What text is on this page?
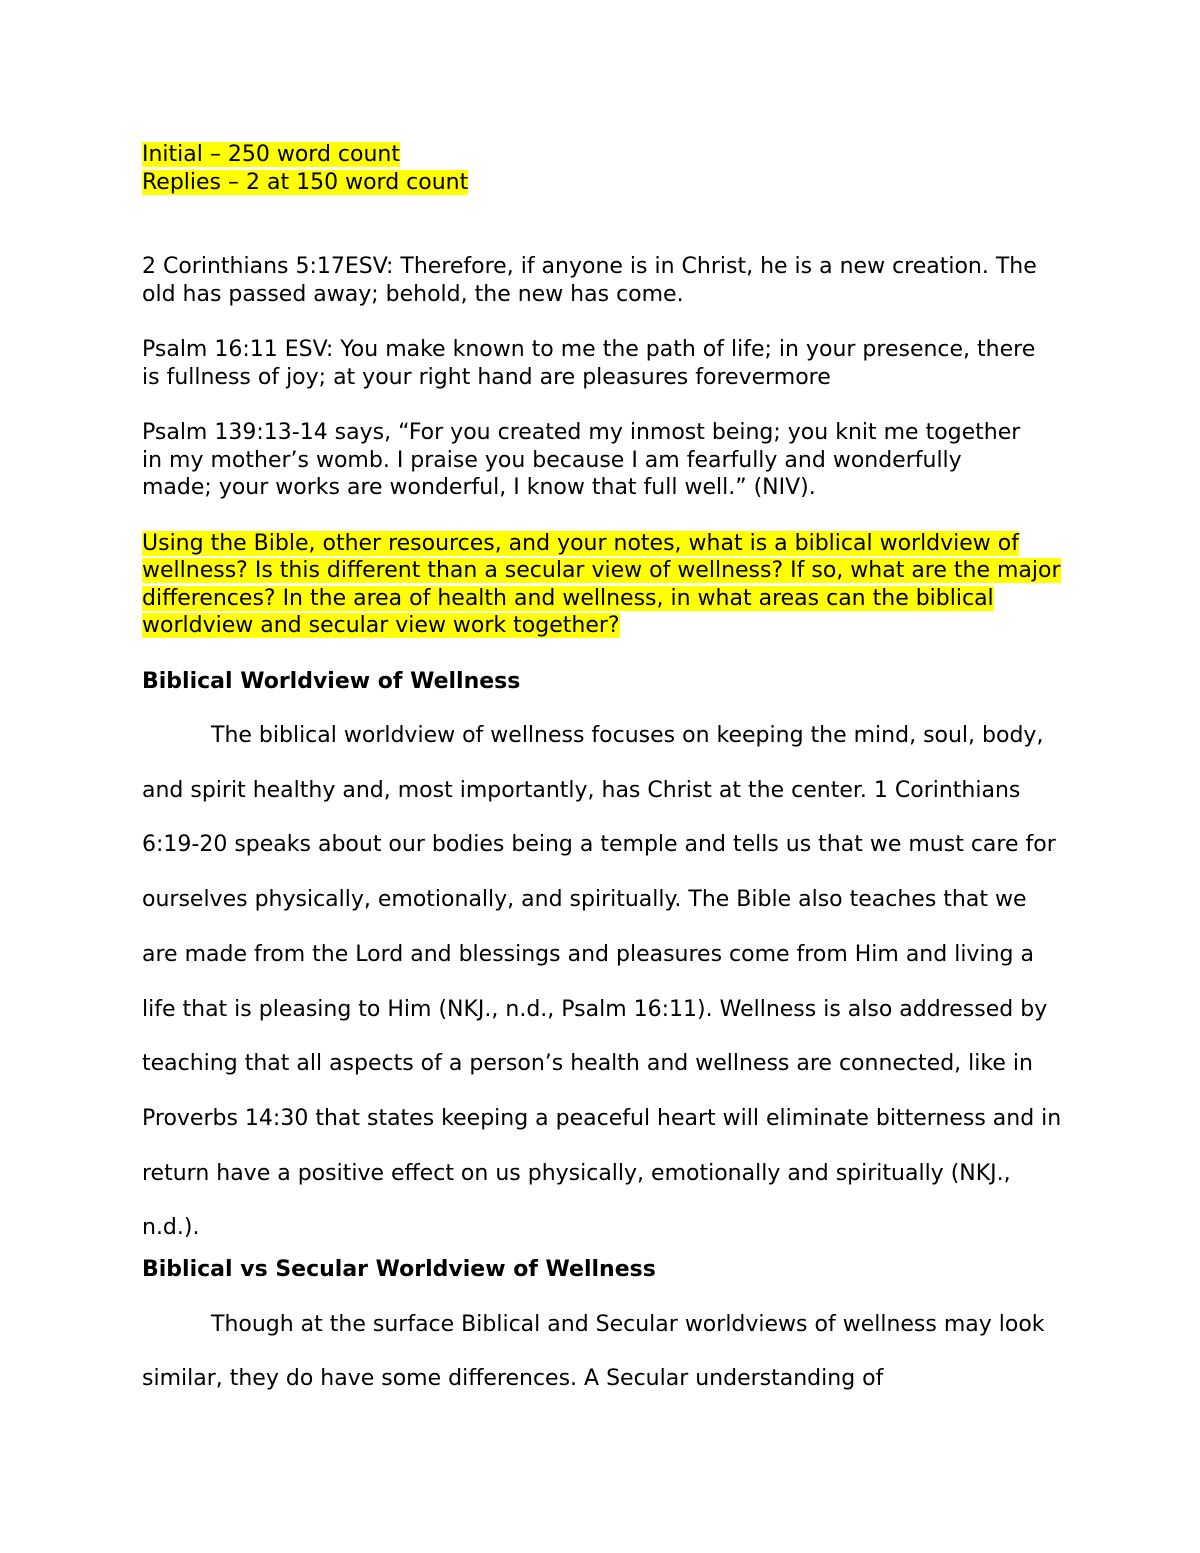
Initial – 250 word count
Replies – 2 at 150 word count

2 Corinthians 5:17ESV: Therefore, if anyone is in Christ, he is a new creation. The old has passed away; behold, the new has come.

Psalm 16:11 ESV: You make known to me the path of life; in your presence, there is fullness of joy; at your right hand are pleasures forevermore

Psalm 139:13-14 says, “For you created my inmost being; you knit me together in my mother’s womb. I praise you because I am fearfully and wonderfully made; your works are wonderful, I know that full well.” (NIV).

Using the Bible, other resources, and your notes, what is a biblical worldview of wellness? Is this different than a secular view of wellness? If so, what are the major differences? In the area of health and wellness, in what areas can the biblical worldview and secular view work together?

Biblical Worldview of Wellness

The biblical worldview of wellness focuses on keeping the mind, soul, body, and spirit healthy and, most importantly, has Christ at the center. 1 Corinthians 6:19-20 speaks about our bodies being a temple and tells us that we must care for ourselves physically, emotionally, and spiritually. The Bible also teaches that we are made from the Lord and blessings and pleasures come from Him and living a life that is pleasing to Him (NKJ., n.d., Psalm 16:11). Wellness is also addressed by teaching that all aspects of a person’s health and wellness are connected, like in Proverbs 14:30 that states keeping a peaceful heart will eliminate bitterness and in return have a positive effect on us physically, emotionally and spiritually (NKJ., n.d.).

Biblical vs Secular Worldview of Wellness

Though at the surface Biblical and Secular worldviews of wellness may look similar, they do have some differences. A Secular understanding of
